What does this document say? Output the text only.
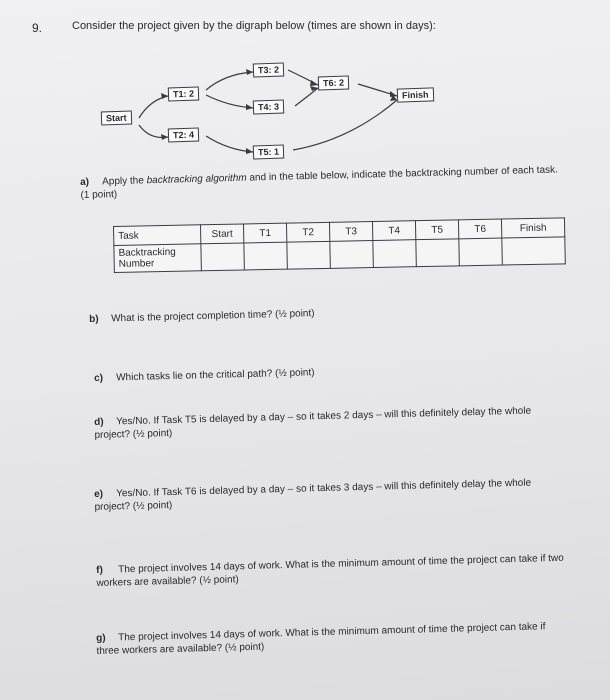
9.	Consider the project given by the digraph below (times are shown in days):
Start
T1: 2
T2: 4
T3: 2
T4: 3
T5: 1
T6: 2
Finish
a) Apply the backtracking algorithm and in the table below, indicate the backtracking number of each task. (1 point)
Task	Start	T1	T2	T3	T4	T5	T6	Finish
Backtracking Number								
b) What is the project completion time? (½ point)
c) Which tasks lie on the critical path? (½ point)
d) Yes/No. If Task T5 is delayed by a day – so it takes 2 days – will this definitely delay the whole project? (½ point)
e) Yes/No. If Task T6 is delayed by a day – so it takes 3 days – will this definitely delay the whole project? (½ point)
f) The project involves 14 days of work. What is the minimum amount of time the project can take if two workers are available? (½ point)
g) The project involves 14 days of work. What is the minimum amount of time the project can take if three workers are available? (½ point)
